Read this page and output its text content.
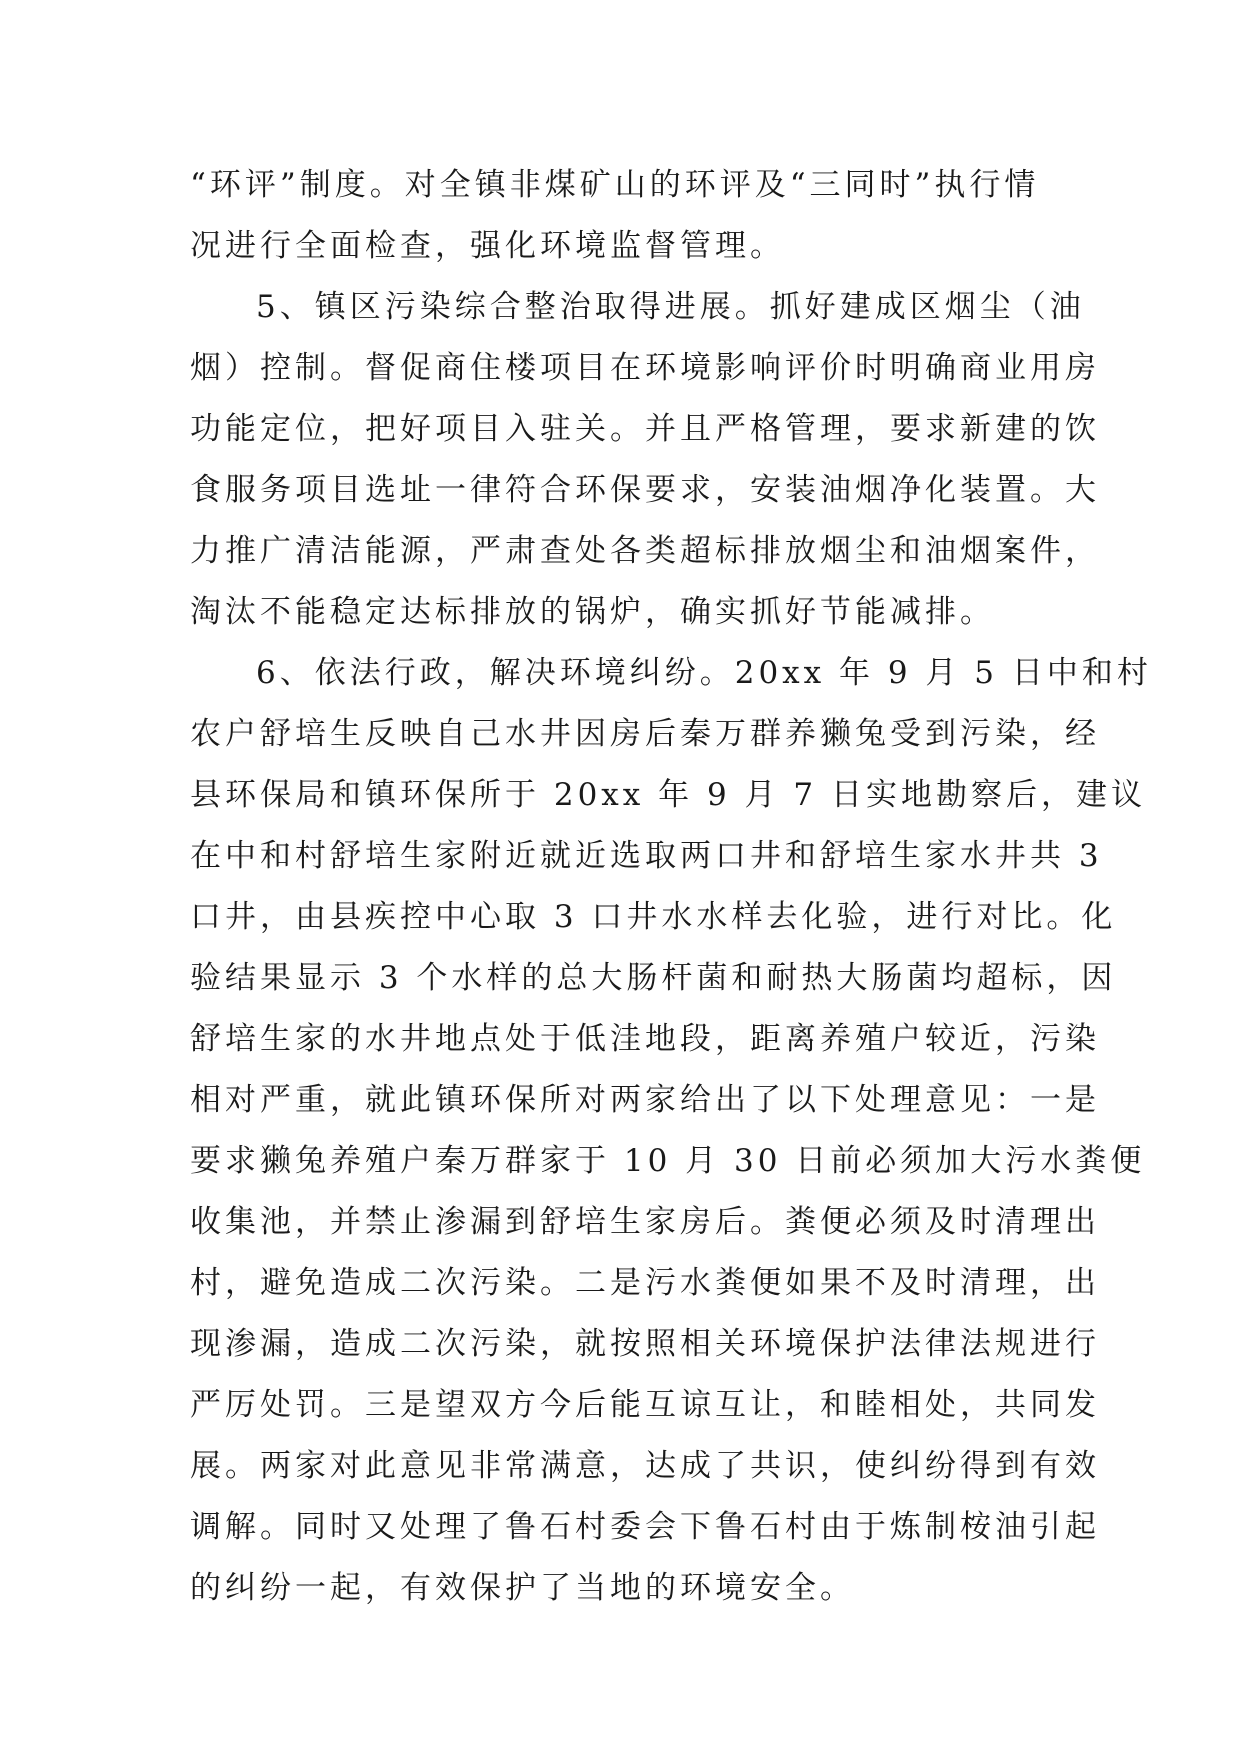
“环评”制度。对全镇非煤矿山的环评及“三同时”执行情
况进行全面检查，强化环境监督管理。
5、镇区污染综合整治取得进展。抓好建成区烟尘（油
烟）控制。督促商住楼项目在环境影响评价时明确商业用房
功能定位，把好项目入驻关。并且严格管理，要求新建的饮
食服务项目选址一律符合环保要求，安装油烟净化装置。大
力推广清洁能源，严肃查处各类超标排放烟尘和油烟案件，
淘汰不能稳定达标排放的锅炉，确实抓好节能减排。
6、依法行政，解决环境纠纷。20xx 年 9 月 5 日中和村
农户舒培生反映自己水井因房后秦万群养獭兔受到污染，经
县环保局和镇环保所于 20xx 年 9 月 7 日实地勘察后，建议
在中和村舒培生家附近就近选取两口井和舒培生家水井共 3
口井，由县疾控中心取 3 口井水水样去化验，进行对比。化
验结果显示 3 个水样的总大肠杆菌和耐热大肠菌均超标，因
舒培生家的水井地点处于低洼地段，距离养殖户较近，污染
相对严重，就此镇环保所对两家给出了以下处理意见：一是
要求獭兔养殖户秦万群家于 10 月 30 日前必须加大污水粪便
收集池，并禁止渗漏到舒培生家房后。粪便必须及时清理出
村，避免造成二次污染。二是污水粪便如果不及时清理，出
现渗漏，造成二次污染，就按照相关环境保护法律法规进行
严厉处罚。三是望双方今后能互谅互让，和睦相处，共同发
展。两家对此意见非常满意，达成了共识，使纠纷得到有效
调解。同时又处理了鲁石村委会下鲁石村由于炼制桉油引起
的纠纷一起，有效保护了当地的环境安全。
